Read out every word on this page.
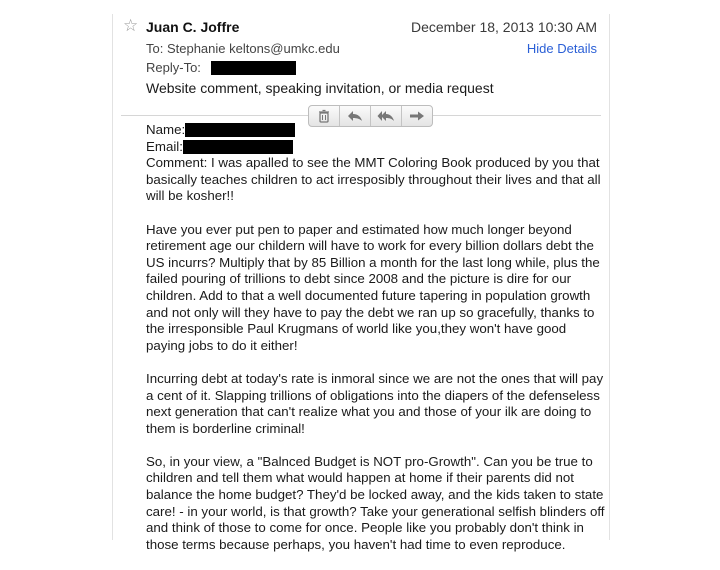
☆ Juan C. Joffre	December 18, 2013 10:30 AM
To: Stephanie keltons@umkc.edu	Hide Details
Reply-To:
Website comment, speaking invitation, or media request
Name:
Email:

Comment: I was apalled to see the MMT Coloring Book produced by you that basically teaches children to act irresposibly throughout their lives and that all will be kosher!!

Have you ever put pen to paper and estimated how much longer beyond retirement age our childern will have to work for every billion dollars debt the US incurrs? Multiply that by 85 Billion a month for the last long while, plus the failed pouring of trillions to debt since 2008 and the picture is dire for our children. Add to that a well documented future tapering in population growth and not only will they have to pay the debt we ran up so gracefully, thanks to the irresponsible Paul Krugmans of world like you,they won't have good paying jobs to do it either!

Incurring debt at today's rate is inmoral since we are not the ones that will pay a cent of it. Slapping trillions of obligations into the diapers of the defenseless next generation that can't realize what you and those of your ilk are doing to them is borderline criminal!

So, in your view, a "Balnced Budget is NOT pro-Growth". Can you be true to children and tell them what would happen at home if their parents did not balance the home budget? They'd be locked away, and the kids taken to state care! - in your world, is that growth? Take your generational selfish blinders off and think of those to come for once. People like you probably don't think in those terms because perhaps, you haven't had time to even reproduce.
